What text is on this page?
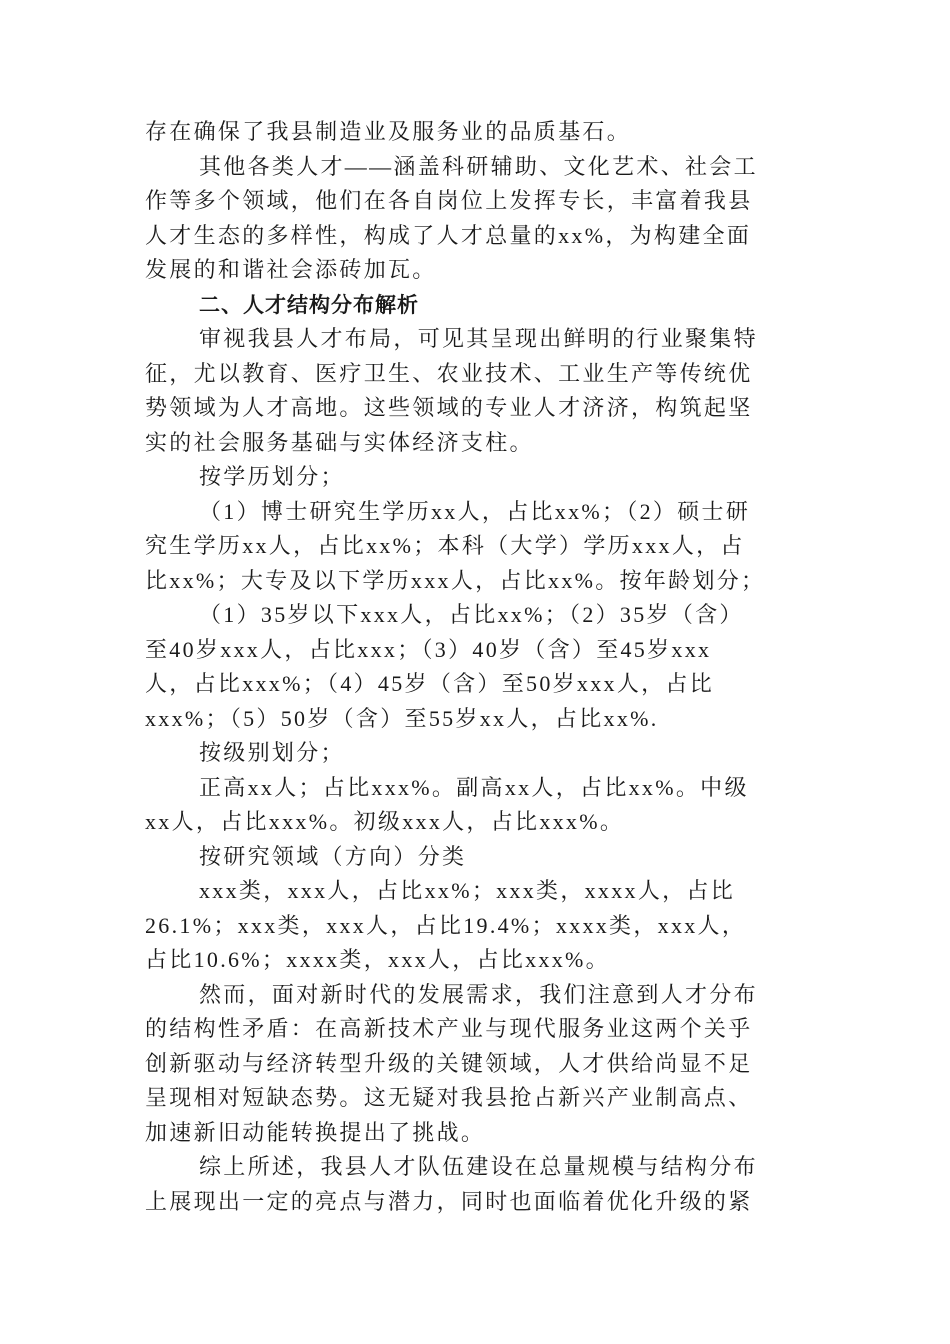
存在确保了我县制造业及服务业的品质基石。
其他各类人才——涵盖科研辅助、文化艺术、社会工
作等多个领域，他们在各自岗位上发挥专长，丰富着我县
人才生态的多样性，构成了人才总量的xx%，为构建全面
发展的和谐社会添砖加瓦。
二、人才结构分布解析
审视我县人才布局，可见其呈现出鲜明的行业聚集特
征，尤以教育、医疗卫生、农业技术、工业生产等传统优
势领域为人才高地。这些领域的专业人才济济，构筑起坚
实的社会服务基础与实体经济支柱。
按学历划分；
（1）博士研究生学历xx人，占比xx%；（2）硕士研
究生学历xx人，占比xx%；本科（大学）学历xxx人，占
比xx%；大专及以下学历xxx人，占比xx%。按年龄划分；
（1）35岁以下xxx人，占比xx%；（2）35岁（含）
至40岁xxx人，占比xxx；（3）40岁（含）至45岁xxx
人，占比xxx%；（4）45岁（含）至50岁xxx人，占比
xxx%；（5）50岁（含）至55岁xx人，占比xx%.
按级别划分；
正高xx人；占比xxx%。副高xx人，占比xx%。中级
xx人，占比xxx%。初级xxx人，占比xxx%。
按研究领域（方向）分类
xxx类，xxx人，占比xx%；xxx类，xxxx人，占比
26.1%；xxx类，xxx人，占比19.4%；xxxx类，xxx人，
占比10.6%；xxxx类，xxx人，占比xxx%。
然而，面对新时代的发展需求，我们注意到人才分布
的结构性矛盾：在高新技术产业与现代服务业这两个关乎
创新驱动与经济转型升级的关键领域，人才供给尚显不足
呈现相对短缺态势。这无疑对我县抢占新兴产业制高点、
加速新旧动能转换提出了挑战。
综上所述，我县人才队伍建设在总量规模与结构分布
上展现出一定的亮点与潜力，同时也面临着优化升级的紧
